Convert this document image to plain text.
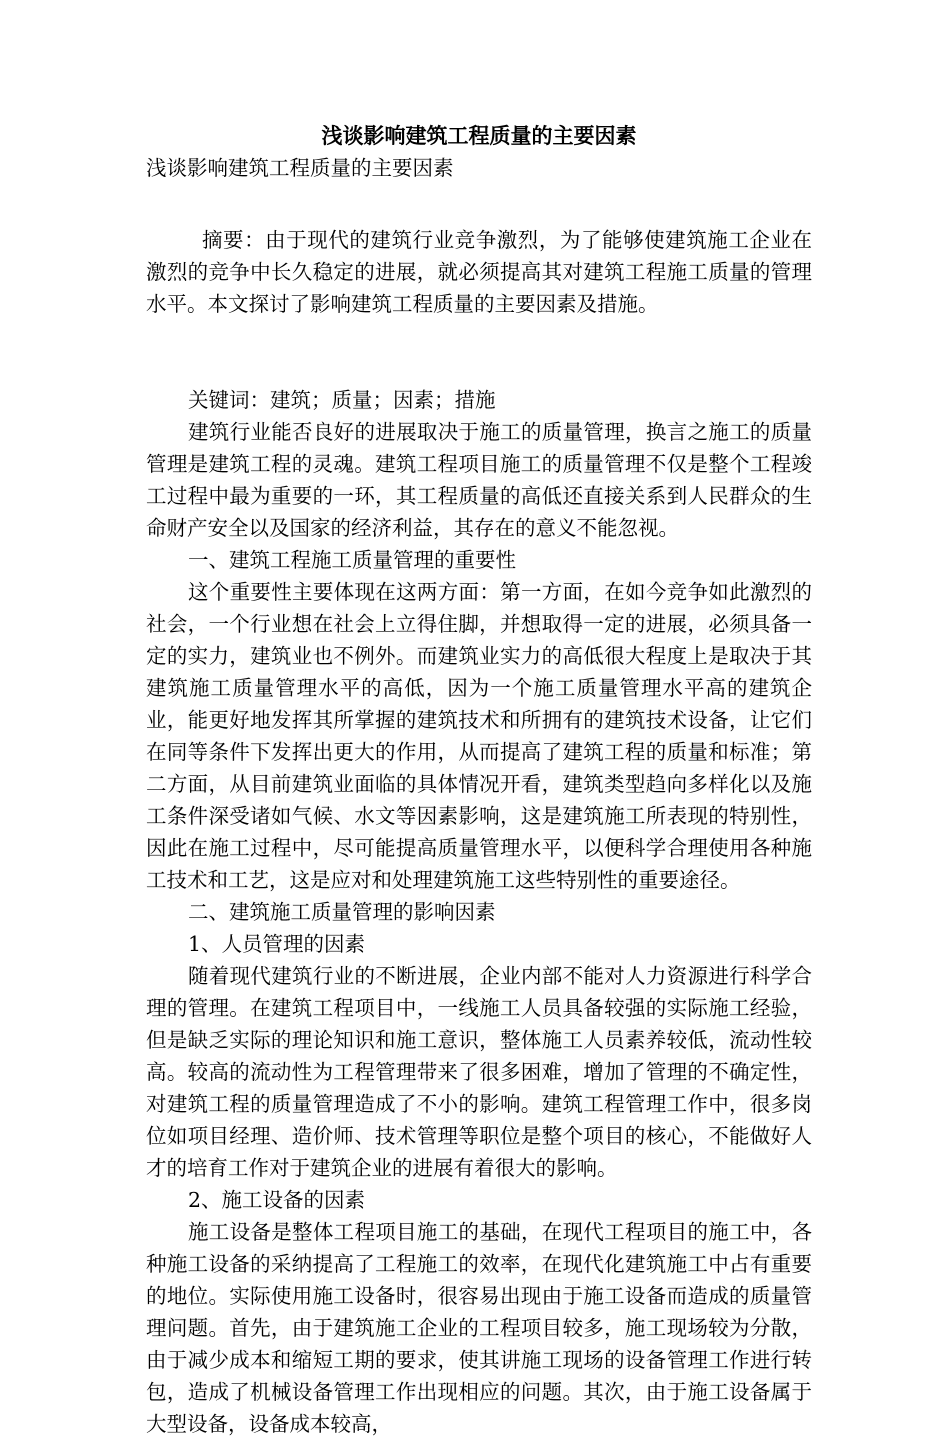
浅谈影响建筑工程质量的主要因素
浅谈影响建筑工程质量的主要因素
摘要：由于现代的建筑行业竞争激烈，为了能够使建筑施工企业在激烈的竞争中长久稳定的进展，就必须提高其对建筑工程施工质量的管理水平。本文探讨了影响建筑工程质量的主要因素及措施。
关键词：建筑；质量；因素；措施

建筑行业能否良好的进展取决于施工的质量管理，换言之施工的质量管理是建筑工程的灵魂。建筑工程项目施工的质量管理不仅是整个工程竣工过程中最为重要的一环，其工程质量的高低还直接关系到人民群众的生命财产安全以及国家的经济利益，其存在的意义不能忽视。

一、建筑工程施工质量管理的重要性

这个重要性主要体现在这两方面：第一方面，在如今竞争如此激烈的社会，一个行业想在社会上立得住脚，并想取得一定的进展，必须具备一定的实力，建筑业也不例外。而建筑业实力的高低很大程度上是取决于其建筑施工质量管理水平的高低，因为一个施工质量管理水平高的建筑企业，能更好地发挥其所掌握的建筑技术和所拥有的建筑技术设备，让它们在同等条件下发挥出更大的作用，从而提高了建筑工程的质量和标准；第二方面，从目前建筑业面临的具体情况开看，建筑类型趋向多样化以及施工条件深受诸如气候、水文等因素影响，这是建筑施工所表现的特别性，因此在施工过程中，尽可能提高质量管理水平，以便科学合理使用各种施工技术和工艺，这是应对和处理建筑施工这些特别性的重要途径。

二、建筑施工质量管理的影响因素

1、人员管理的因素

随着现代建筑行业的不断进展，企业内部不能对人力资源进行科学合理的管理。在建筑工程项目中，一线施工人员具备较强的实际施工经验，但是缺乏实际的理论知识和施工意识，整体施工人员素养较低，流动性较高。较高的流动性为工程管理带来了很多困难，增加了管理的不确定性，对建筑工程的质量管理造成了不小的影响。建筑工程管理工作中，很多岗位如项目经理、造价师、技术管理等职位是整个项目的核心，不能做好人才的培育工作对于建筑企业的进展有着很大的影响。

2、施工设备的因素

施工设备是整体工程项目施工的基础，在现代工程项目的施工中，各种施工设备的采纳提高了工程施工的效率，在现代化建筑施工中占有重要的地位。实际使用施工设备时，很容易出现由于施工设备而造成的质量管理问题。首先，由于建筑施工企业的工程项目较多，施工现场较为分散，由于减少成本和缩短工期的要求，使其讲施工现场的设备管理工作进行转包，造成了机械设备管理工作出现相应的问题。其次，由于施工设备属于大型设备，设备成本较高，
